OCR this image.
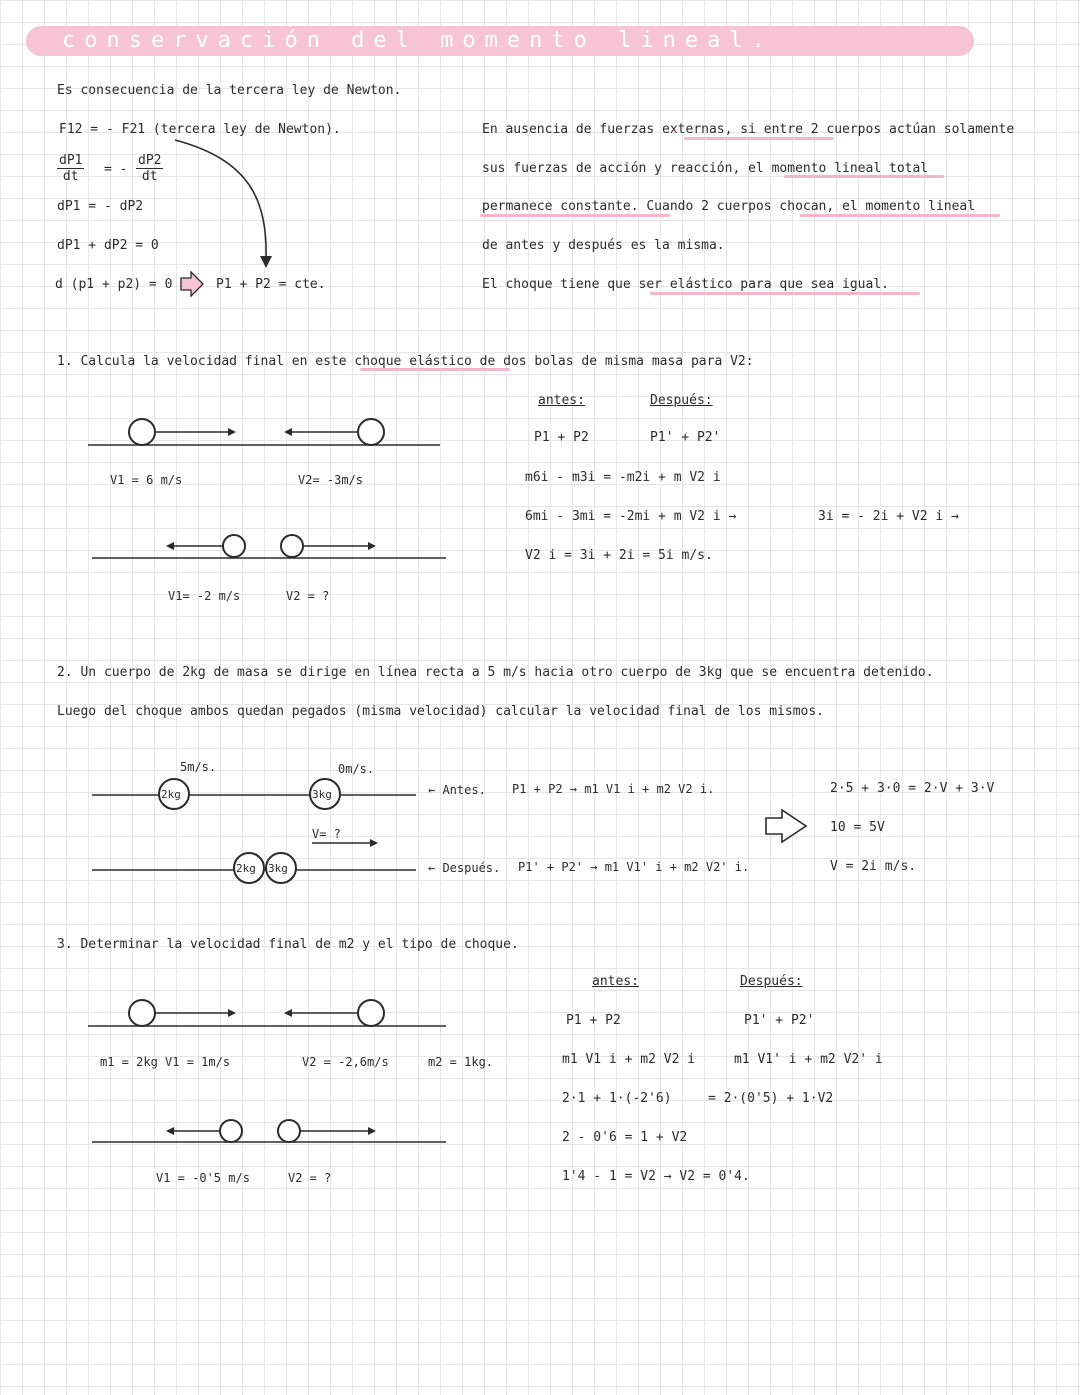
conservación del momento lineal.
Es consecuencia de la tercera ley de Newton.
F12 = - F21 (tercera ley de Newton).
$\frac{dP1}{dt}$ = - $\frac{dP2}{dt}$
dP1 = - dP2
dP1 + dP2 = 0
d (p1 + p2) = 0	P1 + P2 = cte.
En ausencia de fuerzas externas, si entre 2 cuerpos actúan solamente
sus fuerzas de acción y reacción, el momento lineal total
permanece constante. Cuando 2 cuerpos chocan, el momento lineal
de antes y después es la misma.
El choque tiene que ser elástico para que sea igual.
1. Calcula la velocidad final en este choque elástico de dos bolas de misma masa para V2:
V1 = 6 m/s	V2= -3m/s
V1= -2 m/s	V2 = ?
antes:	Después:
P1 + P2	P1' + P2'
m6i - m3i = -m2i + m V2 i
6mi - 3mi = -2mi + m V2 i →	3i = - 2i + V2 i →
V2 i = 3i + 2i = 5i m/s.
2. Un cuerpo de 2kg de masa se dirige en línea recta a 5 m/s hacia otro cuerpo de 3kg que se encuentra detenido.
Luego del choque ambos quedan pegados (misma velocidad) calcular la velocidad final de los mismos.
5m/s.	0m/s.
V= ?
← Antes. P1 + P2 → m1 V1 i + m2 V2 i.
← Después. P1' + P2' → m1 V1' i + m2 V2' i.
2·5 + 3·0 = 2·V + 3·V
10 = 5V
V = 2i m/s.
3. Determinar la velocidad final de m2 y el tipo de choque.
m1 = 2kg V1 = 1m/s	V2 = -2,6m/s	m2 = 1kg.
V1 = -0'5 m/s	V2 = ?
antes:	Después:
P1 + P2	P1' + P2'
m1 V1 i + m2 V2 i	m1 V1' i + m2 V2' i
2·1 + 1·(-2'6)	= 2·(0'5) + 1·V2
2 - 0'6 = 1 + V2
1'4 - 1 = V2 → V2 = 0'4.
2kg	3kg
2kg 3kg
